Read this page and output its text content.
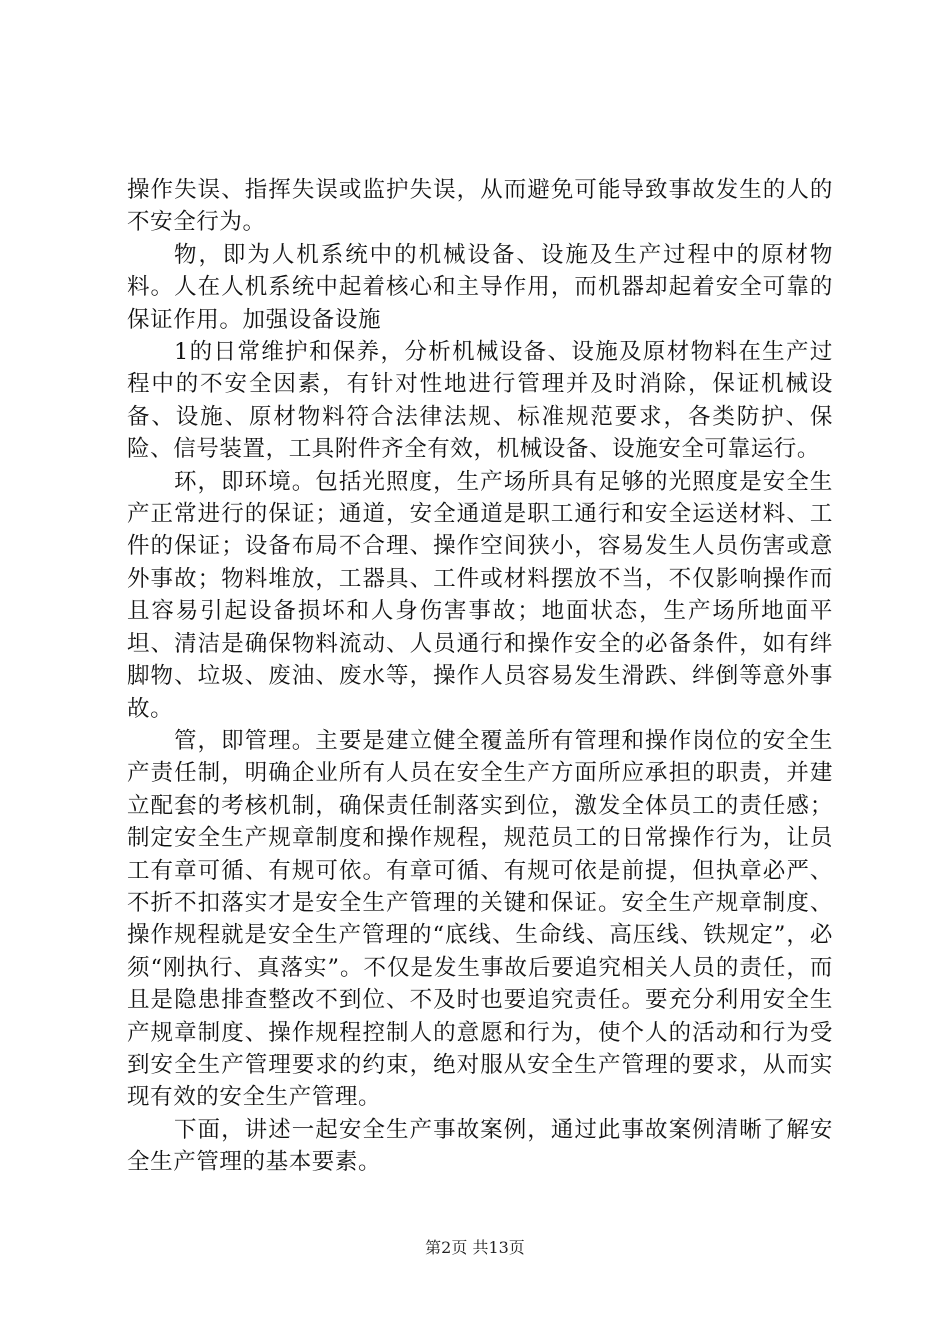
操作失误、指挥失误或监护失误，从而避免可能导致事故发生的人的不安全行为。

物，即为人机系统中的机械设备、设施及生产过程中的原材物料。人在人机系统中起着核心和主导作用，而机器却起着安全可靠的保证作用。加强设备设施

1的日常维护和保养，分析机械设备、设施及原材物料在生产过程中的不安全因素，有针对性地进行管理并及时消除，保证机械设备、设施、原材物料符合法律法规、标准规范要求，各类防护、保险、信号装置，工具附件齐全有效，机械设备、设施安全可靠运行。

环，即环境。包括光照度，生产场所具有足够的光照度是安全生产正常进行的保证；通道，安全通道是职工通行和安全运送材料、工件的保证；设备布局不合理、操作空间狭小，容易发生人员伤害或意外事故；物料堆放，工器具、工件或材料摆放不当，不仅影响操作而且容易引起设备损坏和人身伤害事故；地面状态，生产场所地面平坦、清洁是确保物料流动、人员通行和操作安全的必备条件，如有绊脚物、垃圾、废油、废水等，操作人员容易发生滑跌、绊倒等意外事故。

管，即管理。主要是建立健全覆盖所有管理和操作岗位的安全生产责任制，明确企业所有人员在安全生产方面所应承担的职责，并建立配套的考核机制，确保责任制落实到位，激发全体员工的责任感；制定安全生产规章制度和操作规程，规范员工的日常操作行为，让员工有章可循、有规可依。有章可循、有规可依是前提，但执章必严、不折不扣落实才是安全生产管理的关键和保证。安全生产规章制度、操作规程就是安全生产管理的“底线、生命线、高压线、铁规定”，必须“刚执行、真落实”。不仅是发生事故后要追究相关人员的责任，而且是隐患排查整改不到位、不及时也要追究责任。要充分利用安全生产规章制度、操作规程控制人的意愿和行为，使个人的活动和行为受到安全生产管理要求的约束，绝对服从安全生产管理的要求，从而实现有效的安全生产管理。

下面，讲述一起安全生产事故案例，通过此事故案例清晰了解安全生产管理的基本要素。

第2页 共13页
